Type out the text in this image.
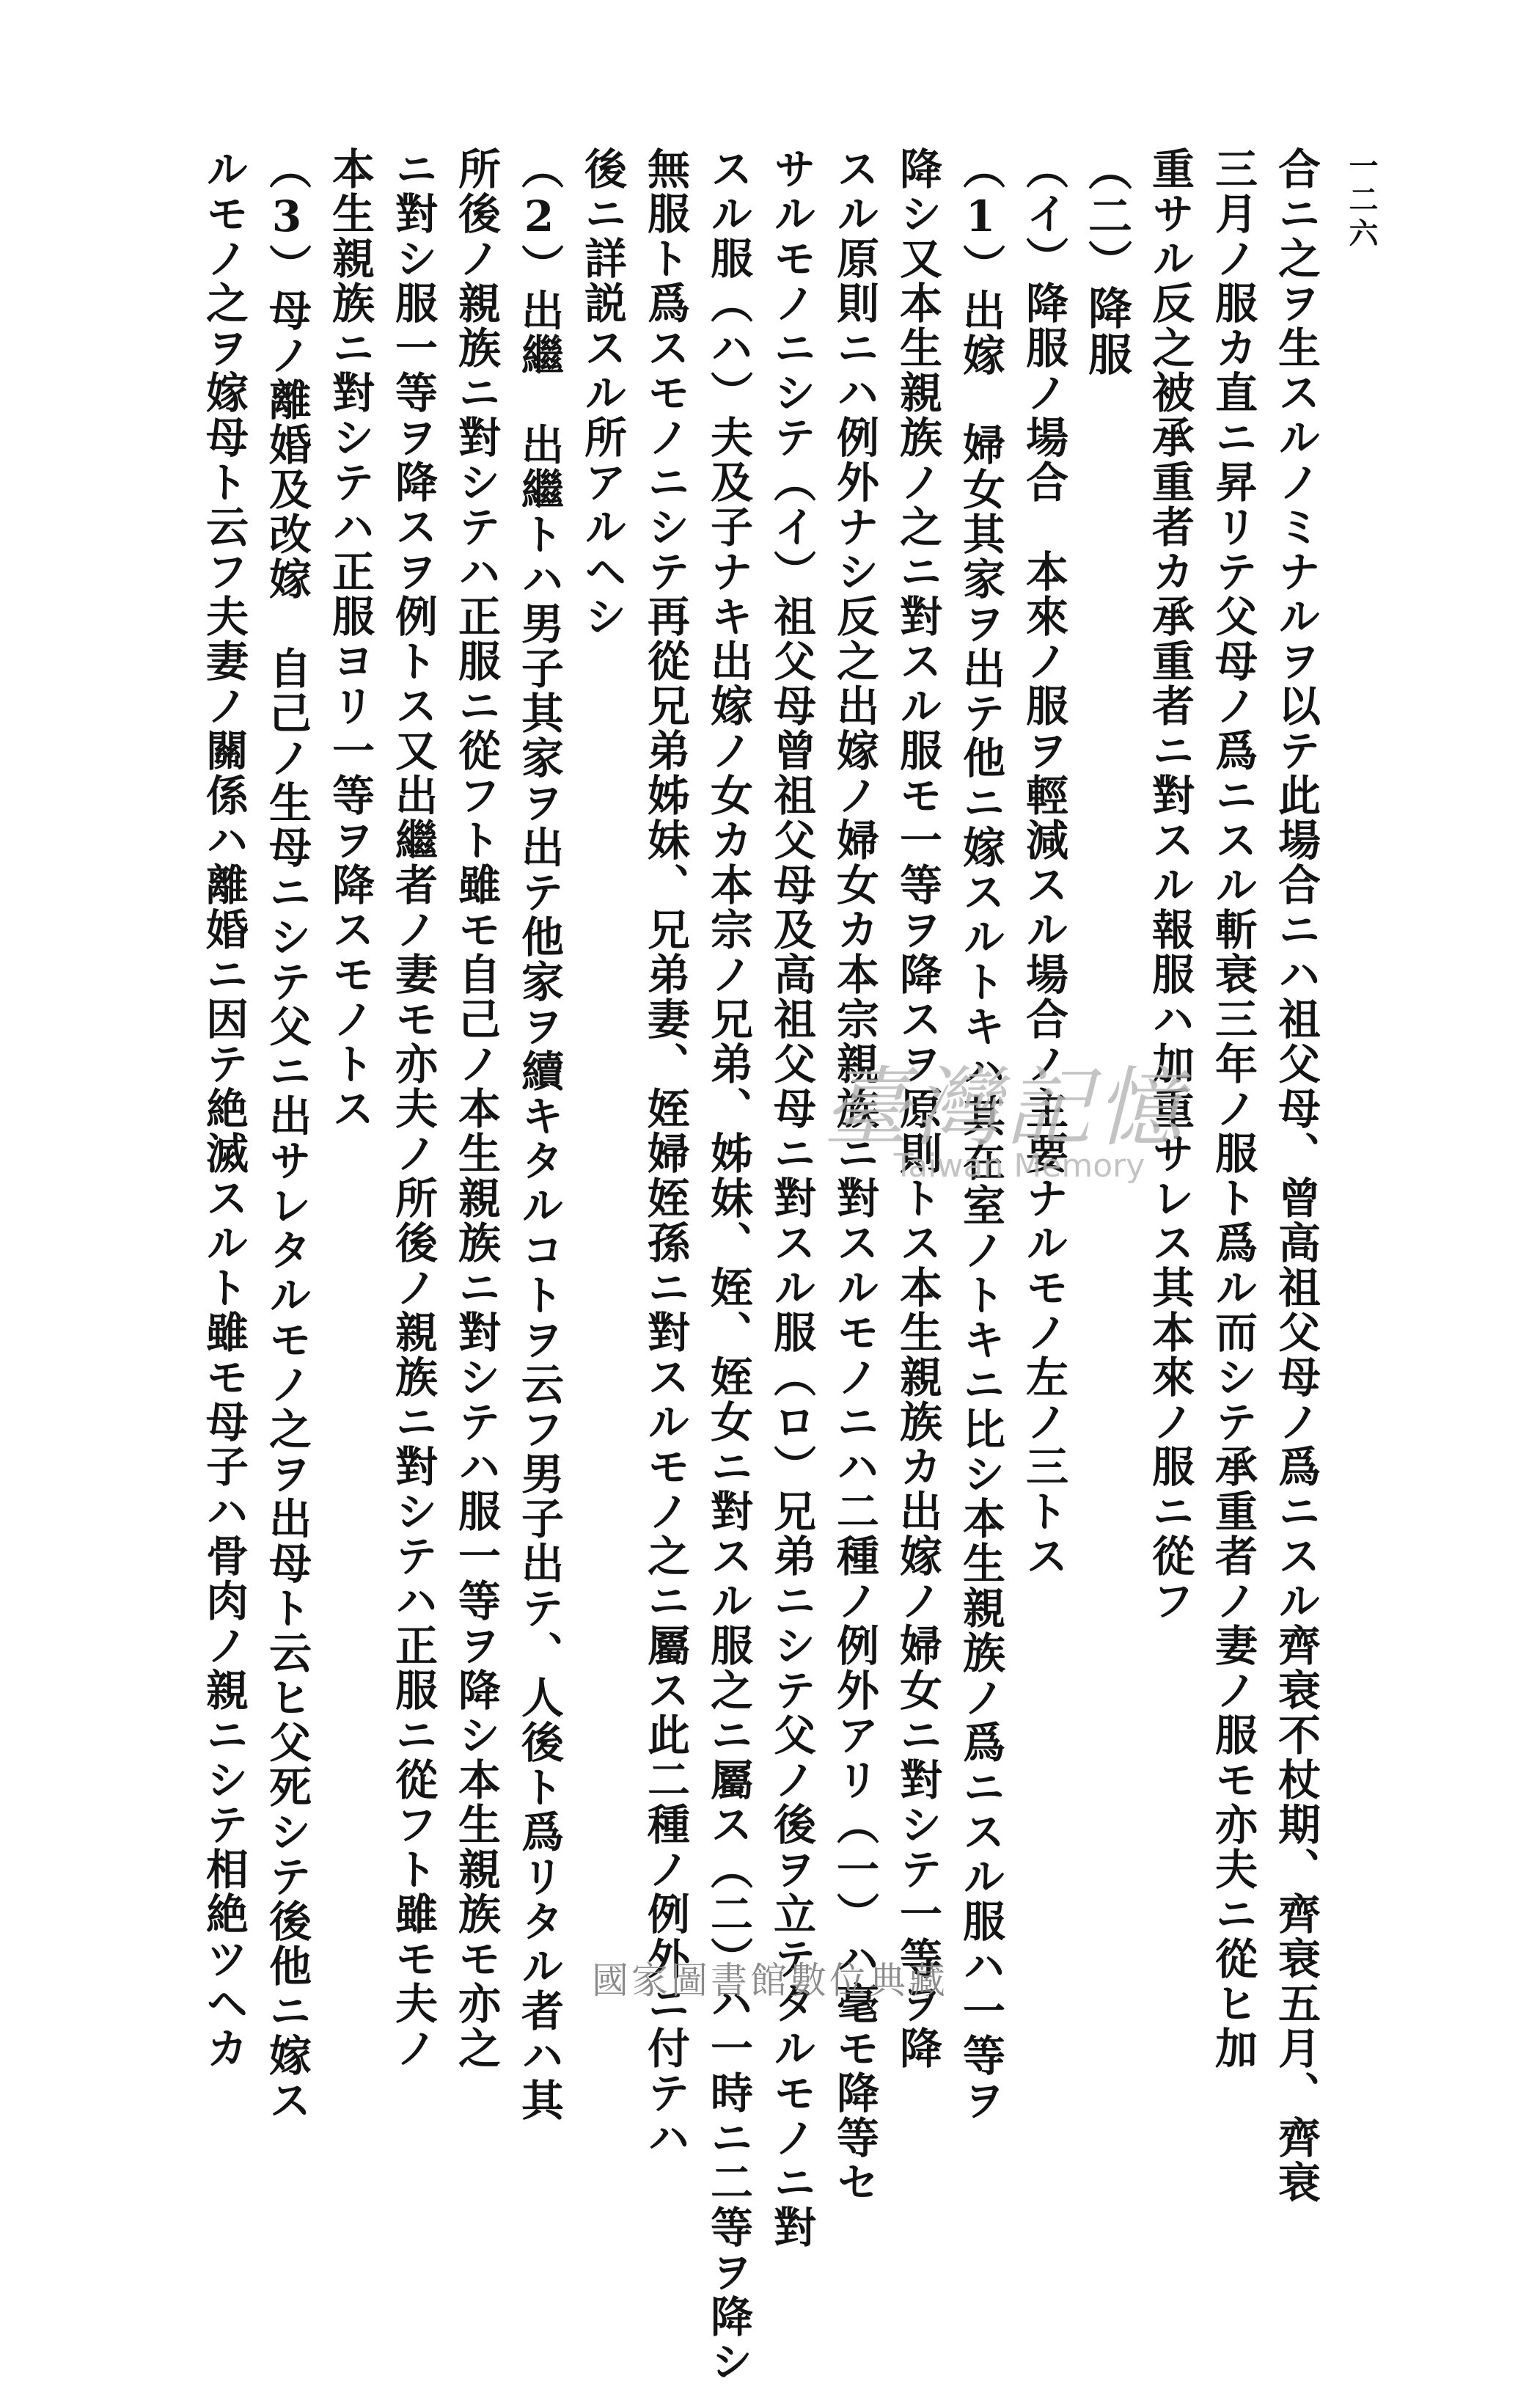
一二六
合ニ之ヲ生スルノミナルヲ以テ此場合ニハ祖父母、曾高祖父母ノ爲ニスル齊衰不杖期、齊衰五月、齊衰
三月ノ服カ直ニ昇リテ父母ノ爲ニスル斬衰三年ノ服ト爲ル而シテ承重者ノ妻ノ服モ亦夫ニ從ヒ加
重サル反之被承重者カ承重者ニ對スル報服ハ加重サレス其本來ノ服ニ從フ
（二）降服
（イ）降服ノ場合　本來ノ服ヲ輕減スル場合ノ主要ナルモノ左ノ三トス
（1）出嫁　婦女其家ヲ出テ他ニ嫁スルトキハ其在室ノトキニ比シ本生親族ノ爲ニスル服ハ一等ヲ
降シ又本生親族ノ之ニ對スル服モ一等ヲ降スヲ原則トス本生親族カ出嫁ノ婦女ニ對シテ一等ヲ降
スル原則ニハ例外ナシ反之出嫁ノ婦女カ本宗親族ニ對スルモノニハ二種ノ例外アリ（一）ハ毫モ降等セ
サルモノニシテ（イ）祖父母曾祖父母及高祖父母ニ對スル服（ロ）兄弟ニシテ父ノ後ヲ立テタルモノニ對
スル服（ハ）夫及子ナキ出嫁ノ女カ本宗ノ兄弟、姊妹、姪、姪女ニ對スル服之ニ屬ス（二）ハ一時ニ二等ヲ降シ
無服ト爲スモノニシテ再從兄弟姊妹、兄弟妻、姪婦姪孫ニ對スルモノ之ニ屬ス此二種ノ例外ニ付テハ
後ニ詳説スル所アルヘシ
（2）出繼　出繼トハ男子其家ヲ出テ他家ヲ續キタルコトヲ云フ男子出テ、人後ト爲リタル者ハ其
所後ノ親族ニ對シテハ正服ニ從フト雖モ自己ノ本生親族ニ對シテハ服一等ヲ降シ本生親族モ亦之
ニ對シ服一等ヲ降スヲ例トス又出繼者ノ妻モ亦夫ノ所後ノ親族ニ對シテハ正服ニ從フト雖モ夫ノ
本生親族ニ對シテハ正服ヨリ一等ヲ降スモノトス
（3）母ノ離婚及改嫁　自己ノ生母ニシテ父ニ出サレタルモノ之ヲ出母ト云ヒ父死シテ後他ニ嫁ス
ルモノ之ヲ嫁母ト云フ夫妻ノ關係ハ離婚ニ因テ絶滅スルト雖モ母子ハ骨肉ノ親ニシテ相絶ツヘカ	臺灣記憶
Taiwan Memory
國家圖書館數位典藏
